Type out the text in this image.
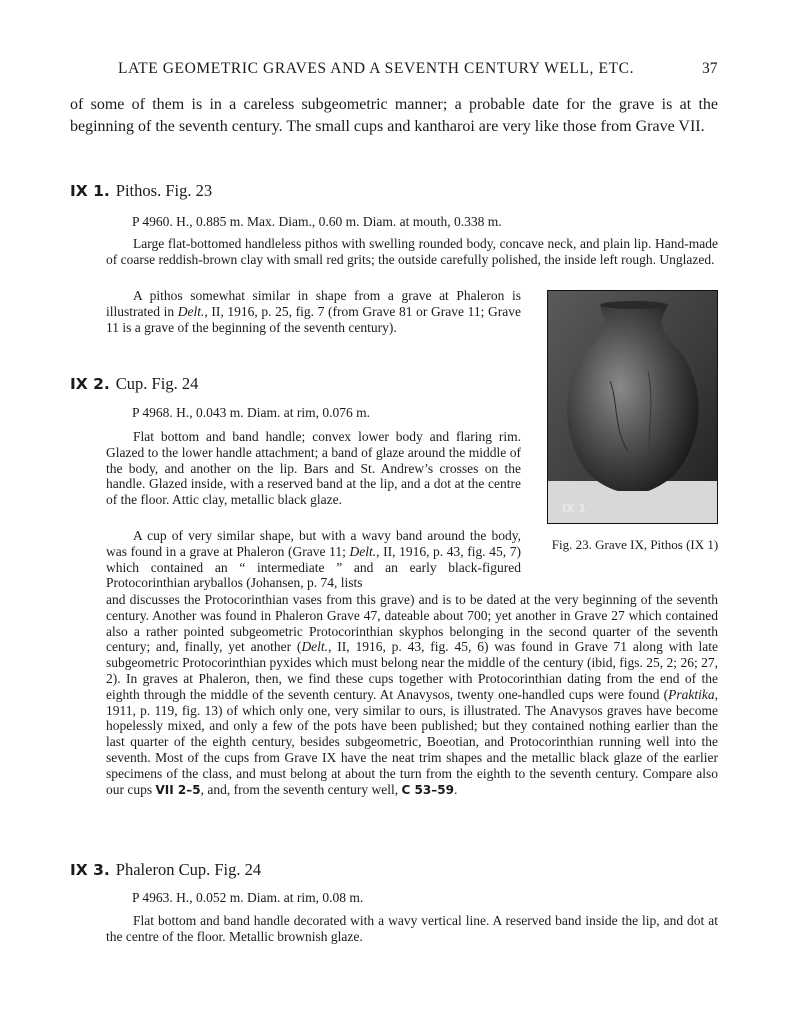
LATE GEOMETRIC GRAVES AND A SEVENTH CENTURY WELL, ETC.	37

of some of them is in a careless subgeometric manner; a probable date for the grave is at the beginning of the seventh century. The small cups and kantharoi are very like those from Grave VII.

IX 1. Pithos. Fig. 23
P 4960. H., 0.885 m. Max. Diam., 0.60 m. Diam. at mouth, 0.338 m.

Large flat-bottomed handleless pithos with swelling rounded body, concave neck, and plain lip. Hand-made of coarse reddish-brown clay with small red grits; the outside carefully polished, the inside left rough. Unglazed.

A pithos somewhat similar in shape from a grave at Phaleron is illustrated in Delt., II, 1916, p. 25, fig. 7 (from Grave 81 or Grave 11; Grave 11 is a grave of the beginning of the seventh century).

IX 1
Fig. 23. Grave IX, Pithos (IX 1)
IX 2. Cup. Fig. 24
P 4968. H., 0.043 m. Diam. at rim, 0.076 m.

Flat bottom and band handle; convex lower body and flaring rim. Glazed to the lower handle attachment; a band of glaze around the middle of the body, and another on the lip. Bars and St. Andrew’s crosses on the handle. Glazed inside, with a reserved band at the lip, and a dot at the centre of the floor. Attic clay, metallic black glaze.

A cup of very similar shape, but with a wavy band around the body, was found in a grave at Phaleron (Grave 11; Delt., II, 1916, p. 43, fig. 45, 7) which contained an “ intermediate ” and an early black-figured Protocorinthian aryballos (Johansen, p. 74, lists

and discusses the Protocorinthian vases from this grave) and is to be dated at the very beginning of the seventh century. Another was found in Phaleron Grave 47, dateable about 700; yet another in Grave 27 which contained also a rather pointed subgeometric Protocorinthian skyphos belonging in the second quarter of the seventh century; and, finally, yet another (Delt., II, 1916, p. 43, fig. 45, 6) was found in Grave 71 along with late subgeometric Protocorinthian pyxides which must belong near the middle of the century (ibid, figs. 25, 2; 26; 27, 2). In graves at Phaleron, then, we find these cups together with Protocorinthian dating from the end of the eighth through the middle of the seventh century. At Anavysos, twenty one-handled cups were found (Praktika, 1911, p. 119, fig. 13) of which only one, very similar to ours, is illustrated. The Anavysos graves have become hopelessly mixed, and only a few of the pots have been published; but they contained nothing earlier than the last quarter of the eighth century, besides subgeometric, Boeotian, and Protocorinthian running well into the seventh. Most of the cups from Grave IX have the neat trim shapes and the metallic black glaze of the earlier specimens of the class, and must belong at about the turn from the eighth to the seventh century. Compare also our cups VII 2–5, and, from the seventh century well, C 53–59.

IX 3. Phaleron Cup. Fig. 24
P 4963. H., 0.052 m. Diam. at rim, 0.08 m.

Flat bottom and band handle decorated with a wavy vertical line. A reserved band inside the lip, and dot at the centre of the floor. Metallic brownish glaze.
